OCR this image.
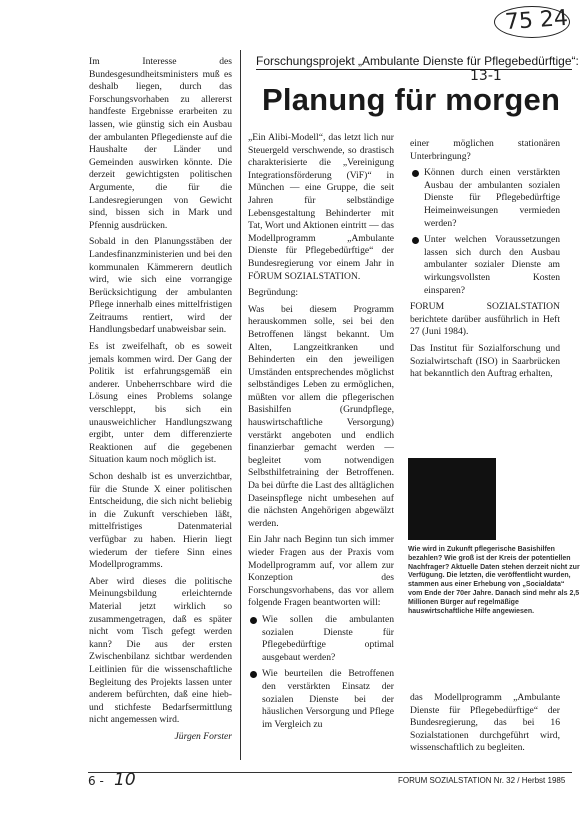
75 24
13-1
Forschungsprojekt „Ambulante Dienste für Pflegebedürftige“:
Planung für morgen

Im Interesse des Bundesgesundheitsministers muß es deshalb liegen, durch das Forschungsvorhaben zu allererst handfeste Ergebnisse erarbeiten zu lassen, wie günstig sich ein Ausbau der ambulanten Pflegedienste auf die Haushalte der Länder und Gemeinden auswirken könnte. Die derzeit gewichtigsten politischen Argumente, die für die Landesregierungen von Gewicht sind, bissen sich in Mark und Pfennig ausdrücken.

Sobald in den Planungsstäben der Landesfinanzministerien und bei den kommunalen Kämmerern deutlich wird, wie sich eine vorrangige Berücksichtigung der ambulanten Pflege innerhalb eines mittelfristigen Zeitraums rentiert, wird der Handlungsbedarf unabweisbar sein.

Es ist zweifelhaft, ob es soweit jemals kommen wird. Der Gang der Politik ist erfahrungsgemäß ein anderer. Unbeherrschbare wird die Lösung eines Problems solange verschleppt, bis sich ein unausweichlicher Handlungszwang ergibt, unter dem differenzierte Reaktionen auf die gegebenen Situation kaum noch möglich ist.

Schon deshalb ist es unverzichtbar, für die Stunde X einer politischen Entscheidung, die sich nicht beliebig in die Zukunft verschieben läßt, mittelfristiges Datenmaterial verfügbar zu haben. Hierin liegt wiederum der tiefere Sinn eines Modellprogramms.

Aber wird dieses die politische Meinungsbildung erleichternde Material jetzt wirklich so zusammengetragen, daß es später nicht vom Tisch gefegt werden kann? Die aus der ersten Zwischenbilanz sichtbar werdenden Leitlinien für die wissenschaftliche Begleitung des Projekts lassen unter anderem befürchten, daß eine hieb- und stichfeste Bedarfsermittlung nicht angemessen wird.

Jürgen Forster

„Ein Alibi-Modell“, das letzt lich nur Steuergeld verschwende, so drastisch charakterisierte die „Vereinigung Integrationsförderung (ViF)“ in München — eine Gruppe, die seit Jahren für selbständige Lebensgestaltung Behinderter mit Tat, Wort und Aktionen eintritt — das Modellprogramm „Ambulante Dienste für Pflegebedürftige“ der Bundesregierung vor einem Jahr in FÖRUM SOZIALSTATION.

Begründung:

Was bei diesem Programm herauskommen solle, sei bei den Betroffenen längst bekannt. Um Alten, Langzeitkranken und Behinderten ein den jeweiligen Umständen entsprechendes möglichst selbständiges Leben zu ermöglichen, müßten vor allem die pflegerischen Basishilfen (Grundpflege, hauswirtschaftliche Versorgung) verstärkt angeboten und endlich finanzierbar gemacht werden — begleitet vom notwendigen Selbsthilfetraining der Betroffenen. Da bei dürfte die Last des alltäglichen Daseinspflege nicht umbesehen auf die nächsten Angehörigen abgewälzt werden.

Ein Jahr nach Beginn tun sich immer wieder Fragen aus der Praxis vom Modellprogramm auf, vor allem zur Konzeption des Forschungsvorhabens, das vor allem folgende Fragen beantworten will:

Wie sollen die ambulanten sozialen Dienste für Pflegebedürftige optimal ausgebaut werden?

Wie beurteilen die Betroffenen den verstärkten Einsatz der sozialen Dienste bei der häuslichen Versorgung und Pflege im Vergleich zu

einer möglichen stationären Unterbringung?

Können durch einen verstärkten Ausbau der ambulanten sozialen Dienste für Pflegebedürftige Heimeinweisungen vermieden werden?

Unter welchen Voraussetzungen lassen sich durch den Ausbau ambulanter sozialer Dienste am wirkungsvollsten Kosten einsparen?

FORUM SOZIALSTATION berichtete darüber ausführlich in Heft 27 (Juni 1984).

Das Institut für Sozialforschung und Sozialwirtschaft (ISO) in Saarbrücken hat bekanntlich den Auftrag erhalten,

Wie wird in Zukunft pflegerische Basishilfen bezahlen? Wie groß ist der Kreis der potentiellen Nachfrager? Aktuelle Daten stehen derzeit nicht zur Verfügung. Die letzten, die veröffentlicht wurden, stammen aus einer Erhebung von „Socialdata“ vom Ende der 70er Jahre. Danach sind mehr als 2,5 Millionen Bürger auf regelmäßige hauswirtschaftliche Hilfe angewiesen.

das Modellprogramm „Ambulante Dienste für Pflegebedürftige“ der Bundesregierung, das bei 16 Sozialstationen durchgeführt wird, wissenschaftlich zu begleiten.

6 - 10	FORUM SOZIALSTATION Nr. 32 / Herbst 1985
